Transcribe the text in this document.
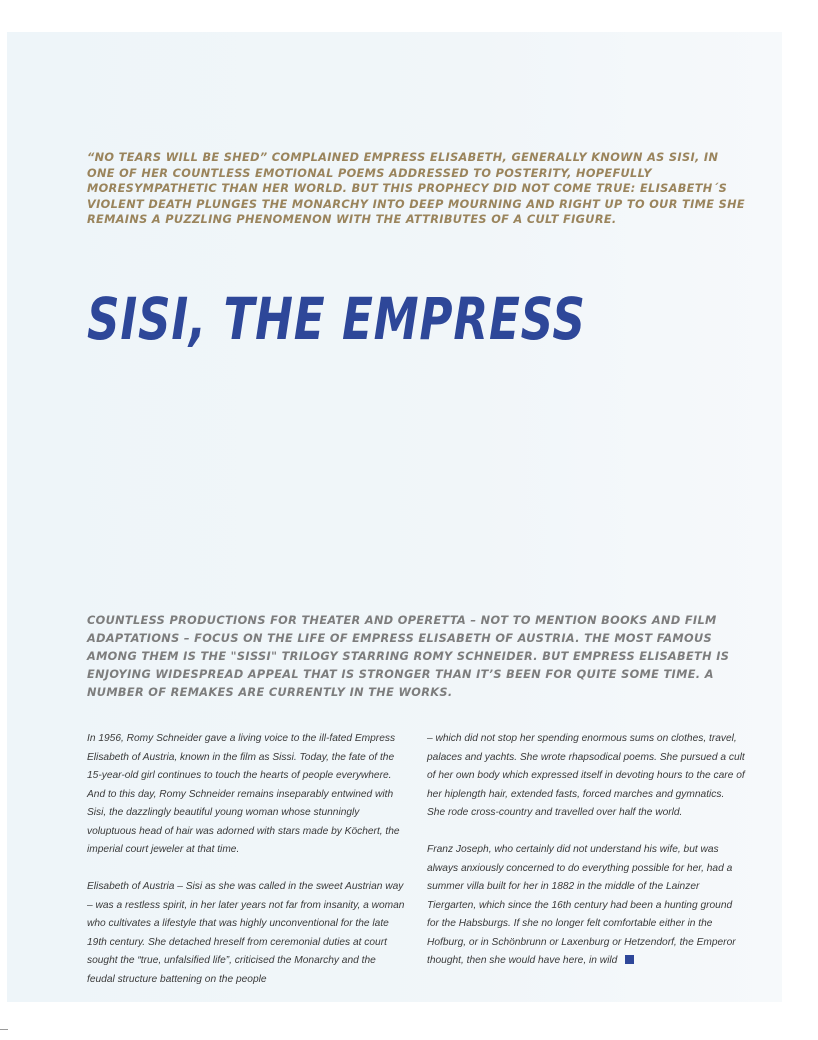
“NO TEARS WILL BE SHED” COMPLAINED EMPRESS ELISABETH, GENERALLY KNOWN AS SISI, IN ONE OF HER COUNTLESS EMOTIONAL POEMS ADDRESSED TO POSTERITY, HOPEFULLY MORESYMPATHETIC THAN HER WORLD. BUT THIS PROPHECY DID NOT COME TRUE: ELISABETH´S VIOLENT DEATH PLUNGES THE MONARCHY INTO DEEP MOURNING AND RIGHT UP TO OUR TIME SHE REMAINS A PUZZLING PHENOMENON WITH THE ATTRIBUTES OF A CULT FIGURE.

SISI, THE EMPRESS

COUNTLESS PRODUCTIONS FOR THEATER AND OPERETTA – NOT TO MENTION BOOKS AND FILM ADAPTATIONS – FOCUS ON THE LIFE OF EMPRESS ELISABETH OF AUSTRIA. THE MOST FAMOUS AMONG THEM IS THE "SISSI" TRILOGY STARRING ROMY SCHNEIDER. BUT EMPRESS ELISABETH IS ENJOYING WIDESPREAD APPEAL THAT IS STRONGER THAN IT’S BEEN FOR QUITE SOME TIME. A NUMBER OF REMAKES ARE CURRENTLY IN THE WORKS.

In 1956, Romy Schneider gave a living voice to the ill-fated Empress Elisabeth of Austria, known in the film as Sissi. Today, the fate of the 15-year-old girl continues to touch the hearts of people everywhere. And to this day, Romy Schneider remains inseparably entwined with Sisi, the dazzlingly beautiful young woman whose stunningly voluptuous head of hair was adorned with stars made by Köchert, the imperial court jeweler at that time.

Elisabeth of Austria – Sisi as she was called in the sweet Austrian way – was a restless spirit, in her later years not far from insanity, a woman who cultivates a lifestyle that was highly unconventional for the late 19th century. She detached hreself from ceremonial duties at court sought the “true, unfalsified life”, criticised the Monarchy and the feudal structure battening on the people

– which did not stop her spending enormous sums on clothes, travel, palaces and yachts. She wrote rhapsodical poems. She pursued a cult of her own body which expressed itself in devoting hours to the care of her hiplength hair, extended fasts, forced marches and gymnatics. She rode cross-country and travelled over half the world.

Franz Joseph, who certainly did not understand his wife, but was always anxiously concerned to do everything possible for her, had a summer villa built for her in 1882 in the middle of the Lainzer Tiergarten, which since the 16th century had been a hunting ground for the Habsburgs. If she no longer felt comfortable either in the Hofburg, or in Schönbrunn or Laxenburg or Hetzendorf, the Emperor thought, then she would have here, in wild
